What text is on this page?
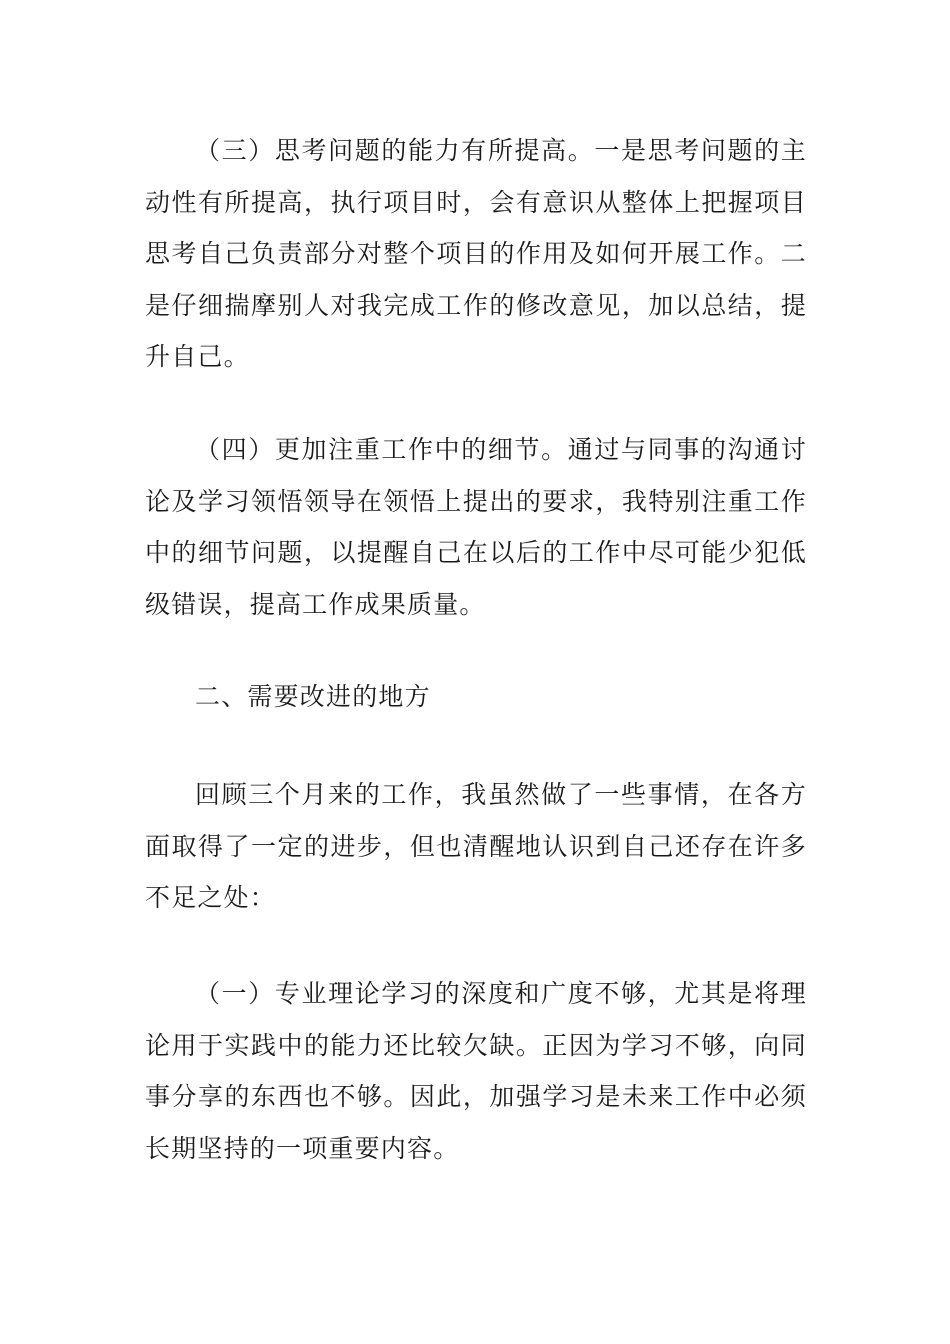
（三）思考问题的能力有所提高。一是思考问题的主动性有所提高，执行项目时，会有意识从整体上把握项目思考自己负责部分对整个项目的作用及如何开展工作。二是仔细揣摩别人对我完成工作的修改意见，加以总结，提升自己。

（四）更加注重工作中的细节。通过与同事的沟通讨论及学习领悟领导在领悟上提出的要求，我特别注重工作中的细节问题，以提醒自己在以后的工作中尽可能少犯低级错误，提高工作成果质量。

二、需要改进的地方

回顾三个月来的工作，我虽然做了一些事情，在各方面取得了一定的进步，但也清醒地认识到自己还存在许多不足之处：

（一）专业理论学习的深度和广度不够，尤其是将理论用于实践中的能力还比较欠缺。正因为学习不够，向同事分享的东西也不够。因此，加强学习是未来工作中必须长期坚持的一项重要内容。
